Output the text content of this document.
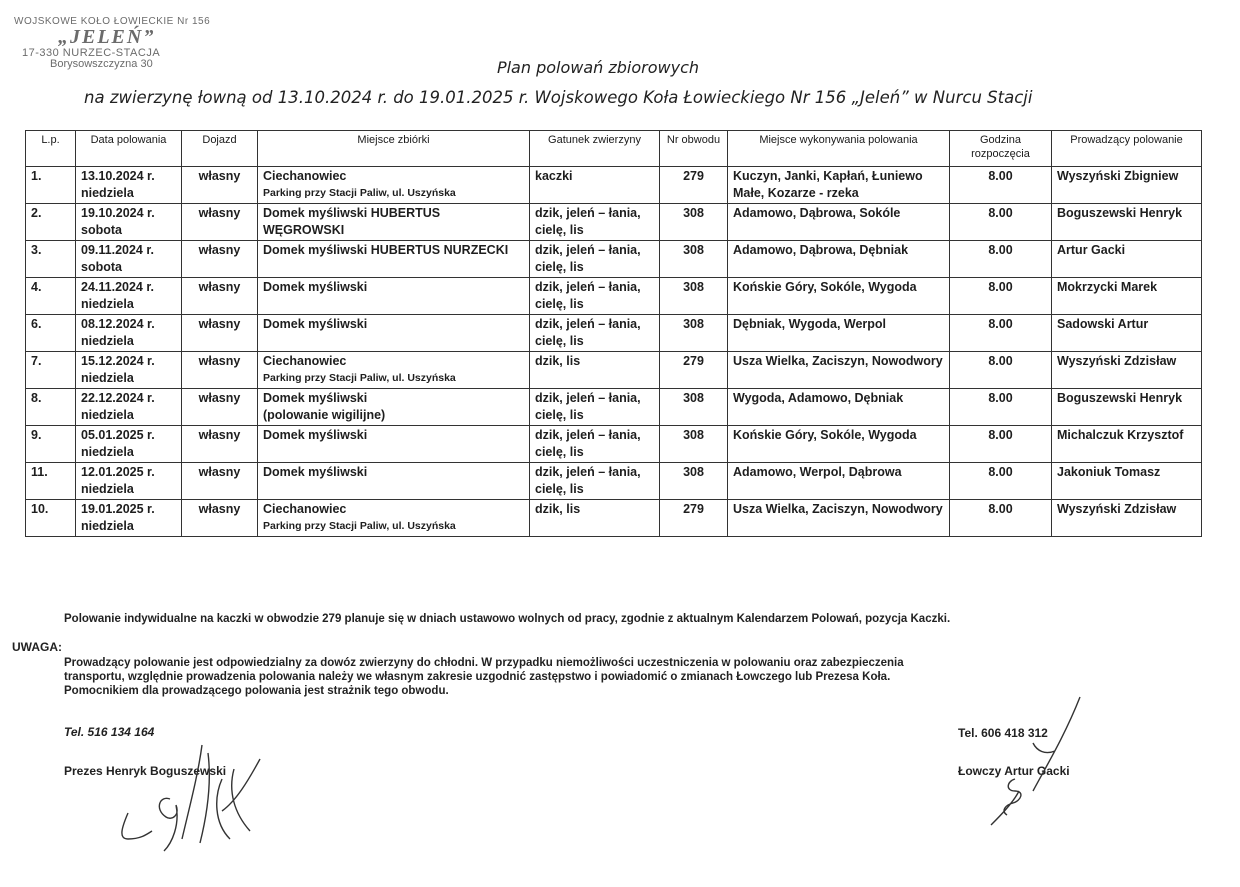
WOJSKOWE KOŁO ŁOWIECKIE Nr 156
„JELEŃ”
17-330 NURZEC-STACJA
Borysowszczyzna 30	Plan polowań zbiorowych
na zwierzynę łowną od 13.10.2024 r. do 19.01.2025 r. Wojskowego Koła Łowieckiego Nr 156 „Jeleń” w Nurcu Stacji
L.p.	Data polowania	Dojazd	Miejsce zbiórki	Gatunek zwierzyny	Nr obwodu	Miejsce wykonywania polowania	Godzina rozpoczęcia	Prowadzący polowanie
1.	13.10.2024 r.
niedziela	własny	Ciechanowiec
Parking przy Stacji Paliw, ul. Uszyńska	kaczki	279	Kuczyn, Janki, Kapłań, Łuniewo Małe, Kozarze - rzeka	8.00	Wyszyński Zbigniew
2.	19.10.2024 r.
sobota	własny	Domek myśliwski HUBERTUS WĘGROWSKI	dzik, jeleń – łania, cielę, lis	308	Adamowo, Dąbrowa, Sokóle	8.00	Boguszewski Henryk
3.	09.11.2024 r.
sobota	własny	Domek myśliwski HUBERTUS NURZECKI	dzik, jeleń – łania, cielę, lis	308	Adamowo, Dąbrowa, Dębniak	8.00	Artur Gacki
4.	24.11.2024 r.
niedziela	własny	Domek myśliwski	dzik, jeleń – łania, cielę, lis	308	Końskie Góry, Sokóle, Wygoda	8.00	Mokrzycki Marek
6.	08.12.2024 r.
niedziela	własny	Domek myśliwski	dzik, jeleń – łania, cielę, lis	308	Dębniak, Wygoda, Werpol	8.00	Sadowski Artur
7.	15.12.2024 r.
niedziela	własny	Ciechanowiec
Parking przy Stacji Paliw, ul. Uszyńska	dzik, lis	279	Usza Wielka, Zaciszyn, Nowodwory	8.00	Wyszyński Zdzisław
8.	22.12.2024 r.
niedziela	własny	Domek myśliwski
(polowanie wigilijne)	dzik, jeleń – łania, cielę, lis	308	Wygoda, Adamowo, Dębniak	8.00	Boguszewski Henryk
9.	05.01.2025 r.
niedziela	własny	Domek myśliwski	dzik, jeleń – łania, cielę, lis	308	Końskie Góry, Sokóle, Wygoda	8.00	Michalczuk Krzysztof
11.	12.01.2025 r.
niedziela	własny	Domek myśliwski	dzik, jeleń – łania, cielę, lis	308	Adamowo, Werpol, Dąbrowa	8.00	Jakoniuk Tomasz
10.	19.01.2025 r.
niedziela	własny	Ciechanowiec
Parking przy Stacji Paliw, ul. Uszyńska	dzik, lis	279	Usza Wielka, Zaciszyn, Nowodwory	8.00	Wyszyński Zdzisław
Polowanie indywidualne na kaczki w obwodzie 279 planuje się w dniach ustawowo wolnych od pracy, zgodnie z aktualnym Kalendarzem Polowań, pozycja Kaczki.
UWAGA:
Prowadzący polowanie jest odpowiedzialny za dowóz zwierzyny do chłodni. W przypadku niemożliwości uczestniczenia w polowaniu oraz zabezpieczenia
transportu, względnie prowadzenia polowania należy we własnym zakresie uzgodnić zastępstwo i powiadomić o zmianach Łowczego lub Prezesa Koła.
Pomocnikiem dla prowadzącego polowania jest strażnik tego obwodu.
Tel. 516 134 164
Prezes Henryk Boguszewski
Tel. 606 418 312
Łowczy Artur Gacki
